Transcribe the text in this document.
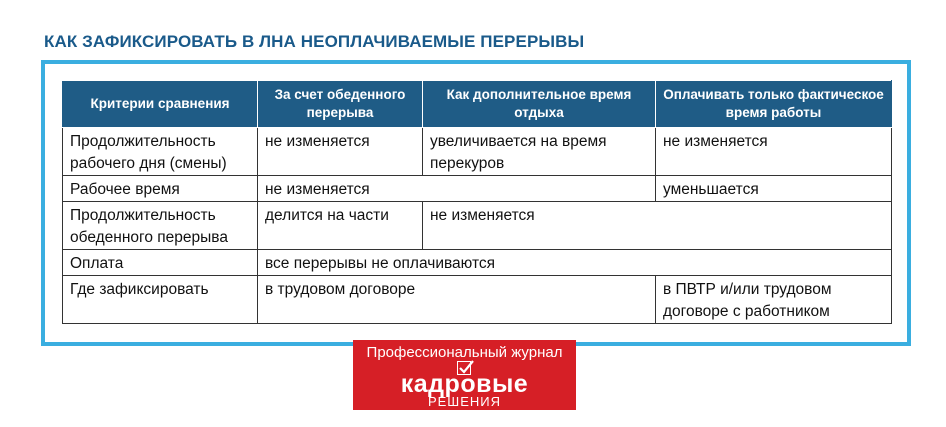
КАК ЗАФИКСИРОВАТЬ В ЛНА НЕОПЛАЧИВАЕМЫЕ ПЕРЕРЫВЫ
Критерии сравнения	За счет обеденного перерыва	Как дополнительное время отдыха	Оплачивать только фактическое время работы
Продолжительность рабочего дня (смены)	не изменяется	увеличивается на время перекуров	не изменяется
Рабочее время	не изменяется		уменьшается
Продолжительность обеденного перерыва	делится на части	не изменяется	
Оплата	все перерывы не оплачиваются		
Где зафиксировать	в трудовом договоре		в ПВТР и/или трудовом договоре с работником
Профессиональный журнал
кадровые
РЕШЕНИЯ
